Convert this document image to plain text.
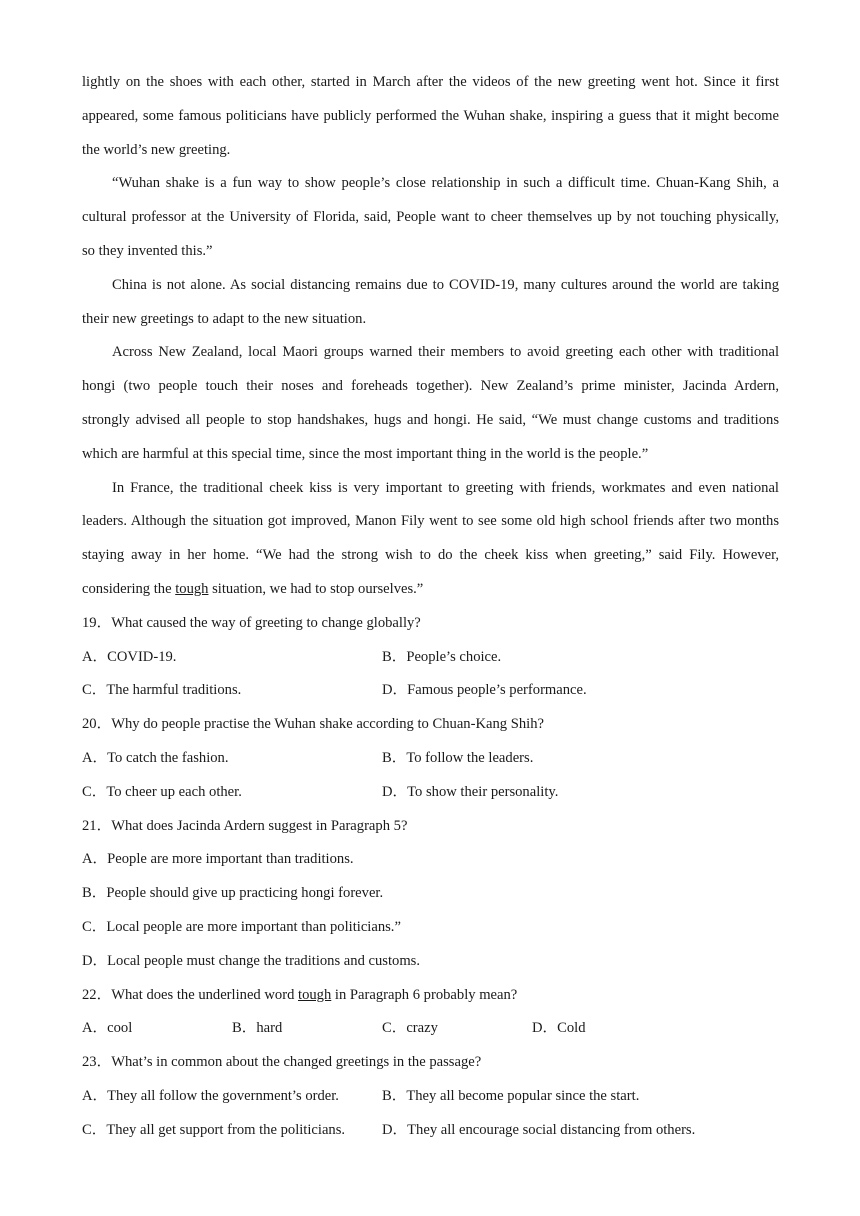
lightly on the shoes with each other, started in March after the videos of the new greeting went hot. Since it first
appeared, some famous politicians have publicly performed the Wuhan shake, inspiring a guess that it might become
the world’s new greeting.
“Wuhan shake is a fun way to show people’s close relationship in such a difficult time. Chuan-Kang Shih, a
cultural professor at the University of Florida, said, People want to cheer themselves up by not touching physically,
so they invented this.”
China is not alone. As social distancing remains due to COVID-19, many cultures around the world are taking
their new greetings to adapt to the new situation.
Across New Zealand, local Maori groups warned their members to avoid greeting each other with traditional
hongi (two people touch their noses and foreheads together). New Zealand’s prime minister, Jacinda Ardern,
strongly advised all people to stop handshakes, hugs and hongi. He said, “We must change customs and traditions
which are harmful at this special time, since the most important thing in the world is the people.”
In France, the traditional cheek kiss is very important to greeting with friends, workmates and even national
leaders. Although the situation got improved, Manon Fily went to see some old high school friends after two months
staying away in her home. “We had the strong wish to do the cheek kiss when greeting,” said Fily. However,
considering the tough situation, we had to stop ourselves.”
19．What caused the way of greeting to change globally?
A．COVID-19.	B．People’s choice.
C．The harmful traditions.	D．Famous people’s performance.
20．Why do people practise the Wuhan shake according to Chuan-Kang Shih?
A．To catch the fashion.	B．To follow the leaders.
C．To cheer up each other.	D．To show their personality.
21．What does Jacinda Ardern suggest in Paragraph 5?
A．People are more important than traditions.
B．People should give up practicing hongi forever.
C．Local people are more important than politicians.”
D．Local people must change the traditions and customs.
22．What does the underlined word tough in Paragraph 6 probably mean?
A．cool	B．hard	C．crazy	D．Cold
23．What’s in common about the changed greetings in the passage?
A．They all follow the government’s order.	B．They all become popular since the start.
C．They all get support from the politicians.	D．They all encourage social distancing from others.
